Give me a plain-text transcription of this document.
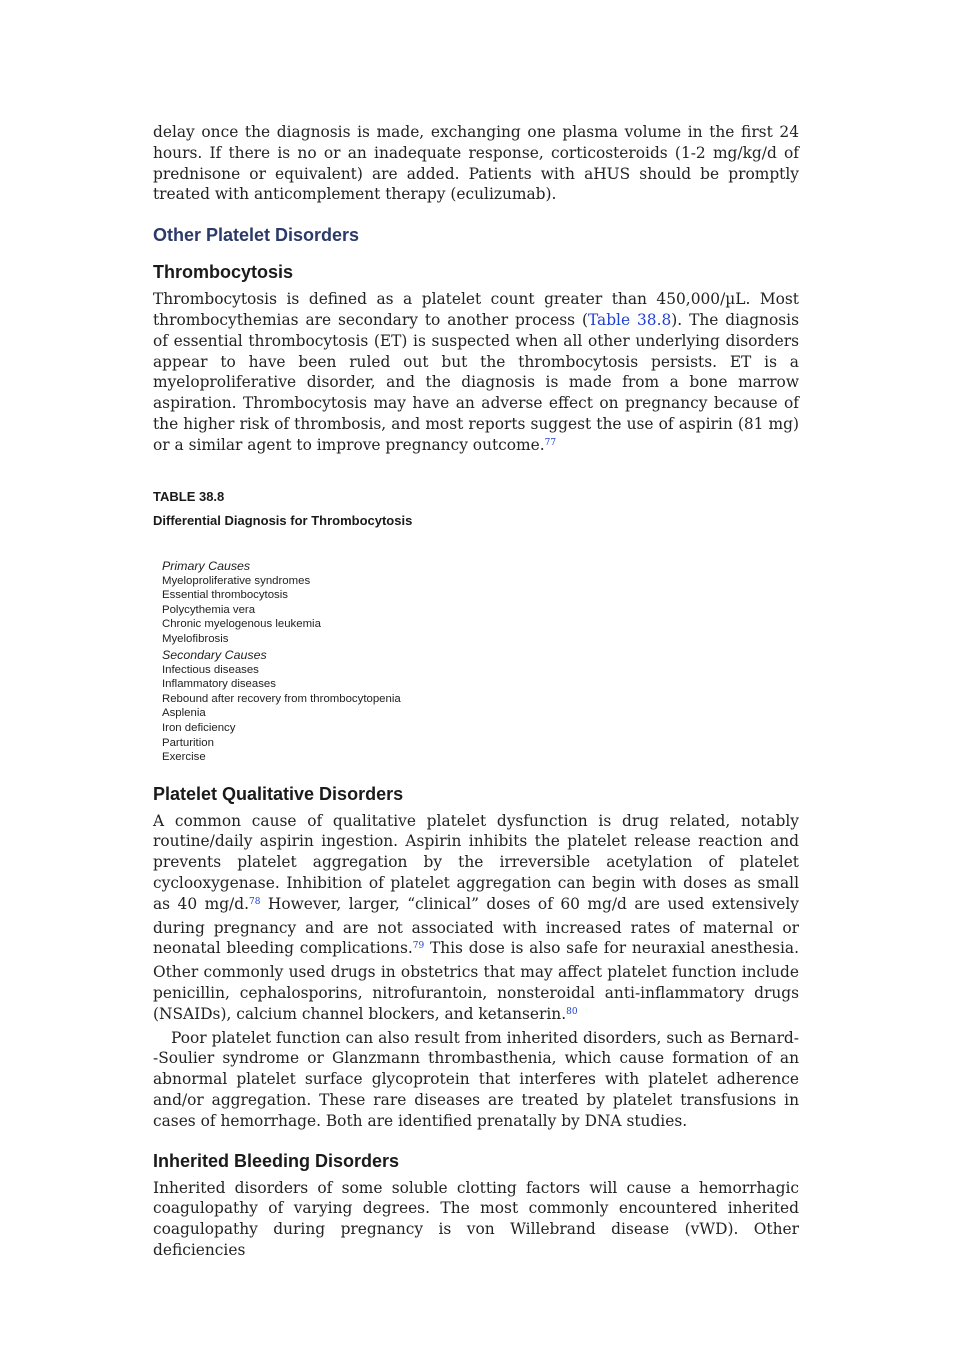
delay once the diagnosis is made, exchanging one plasma volume in the first 24 hours. If there is no or an inadequate response, corticosteroids (1-2 mg/kg/d of prednisone or equivalent) are added. Patients with aHUS should be promptly treated with anticomplement therapy (eculizumab).

Other Platelet Disorders
Thrombocytosis

Thrombocytosis is defined as a platelet count greater than 450,000/µL. Most thrombocythemias are secondary to another process (Table 38.8). The diagnosis of essential thrombocytosis (ET) is suspected when all other underlying disorders appear to have been ruled out but the thrombocytosis persists. ET is a myeloproliferative disorder, and the diagnosis is made from a bone marrow aspiration. Thrombocytosis may have an adverse effect on pregnancy because of the higher risk of thrombosis, and most reports suggest the use of aspirin (81 mg) or a similar agent to improve pregnancy outcome.$^{77}$

TABLE 38.8
Differential Diagnosis for Thrombocytosis
Primary Causes
Myeloproliferative syndromes
Essential thrombocytosis
Polycythemia vera
Chronic myelogenous leukemia
Myelofibrosis
Secondary Causes
Infectious diseases
Inflammatory diseases
Rebound after recovery from thrombocytopenia
Asplenia
Iron deficiency
Parturition
Exercise
Platelet Qualitative Disorders

A common cause of qualitative platelet dysfunction is drug related, notably routine/daily aspirin ingestion. Aspirin inhibits the platelet release reaction and prevents platelet aggregation by the irreversible acetylation of platelet cyclooxygenase. Inhibition of platelet aggregation can begin with doses as small as 40 mg/d.$^{78}$ However, larger, “clinical” doses of 60 mg/d are used extensively during pregnancy and are not associated with increased rates of maternal or neonatal bleeding complications.$^{79}$ This dose is also safe for neuraxial anesthesia. Other commonly used drugs in obstetrics that may affect platelet function include penicillin, cephalosporins, nitrofurantoin, nonsteroidal anti-inflammatory drugs (NSAIDs), calcium channel blockers, and ketanserin.$^{80}$

Poor platelet function can also result from inherited disorders, such as Bernard--Soulier syndrome or Glanzmann thrombasthenia, which cause formation of an abnormal platelet surface glycoprotein that interferes with platelet adherence and/or aggregation. These rare diseases are treated by platelet transfusions in cases of hemorrhage. Both are identified prenatally by DNA studies.

Inherited Bleeding Disorders

Inherited disorders of some soluble clotting factors will cause a hemorrhagic coagulopathy of varying degrees. The most commonly encountered inherited coagulopathy during pregnancy is von Willebrand disease (vWD). Other deficiencies
